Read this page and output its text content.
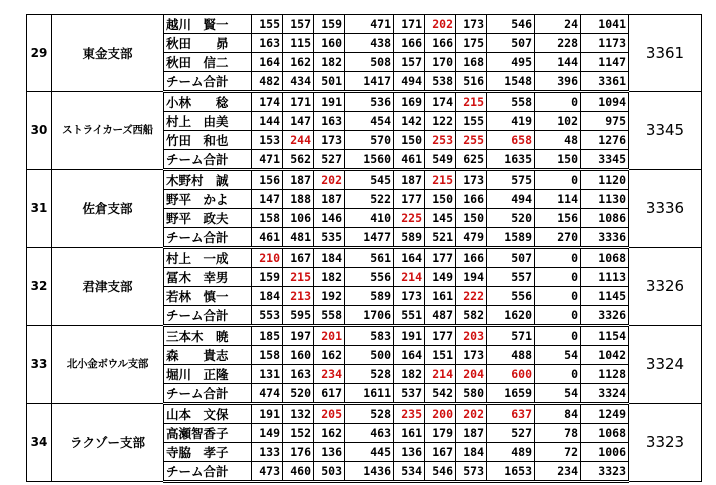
29	東金支部	越川　賢一	155	157	159	471	171	202	173	546	24	1041	3361
		秋田　　昴	163	115	160	438	166	166	175	507	228	1173	
		秋田　信二	164	162	182	508	157	170	168	495	144	1147	
		チーム合計	482	434	501	1417	494	538	516	1548	396	3361	
30	ストライカーズ西船	小林　　稔	174	171	191	536	169	174	215	558	0	1094	3345
		村上　由美	144	147	163	454	142	122	155	419	102	975	
		竹田　和也	153	244	173	570	150	253	255	658	48	1276	
		チーム合計	471	562	527	1560	461	549	625	1635	150	3345	
31	佐倉支部	木野村　誠	156	187	202	545	187	215	173	575	0	1120	3336
		野平　かよ	147	188	187	522	177	150	166	494	114	1130	
		野平　政夫	158	106	146	410	225	145	150	520	156	1086	
		チーム合計	461	481	535	1477	589	521	479	1589	270	3336	
32	君津支部	村上　一成	210	167	184	561	164	177	166	507	0	1068	3326
		冨木　幸男	159	215	182	556	214	149	194	557	0	1113	
		若林　慎一	184	213	192	589	173	161	222	556	0	1145	
		チーム合計	553	595	558	1706	551	487	582	1620	0	3326	
33	北小金ボウル支部	三本木　暁	185	197	201	583	191	177	203	571	0	1154	3324
		森　　貴志	158	160	162	500	164	151	173	488	54	1042	
		堀川　正隆	131	163	234	528	182	214	204	600	0	1128	
		チーム合計	474	520	617	1611	537	542	580	1659	54	3324	
34	ラクゾー支部	山本　文保	191	132	205	528	235	200	202	637	84	1249	3323
		高瀬智香子	149	152	162	463	161	179	187	527	78	1068	
		寺脇　孝子	133	176	136	445	136	167	184	489	72	1006	
		チーム合計	473	460	503	1436	534	546	573	1653	234	3323	
